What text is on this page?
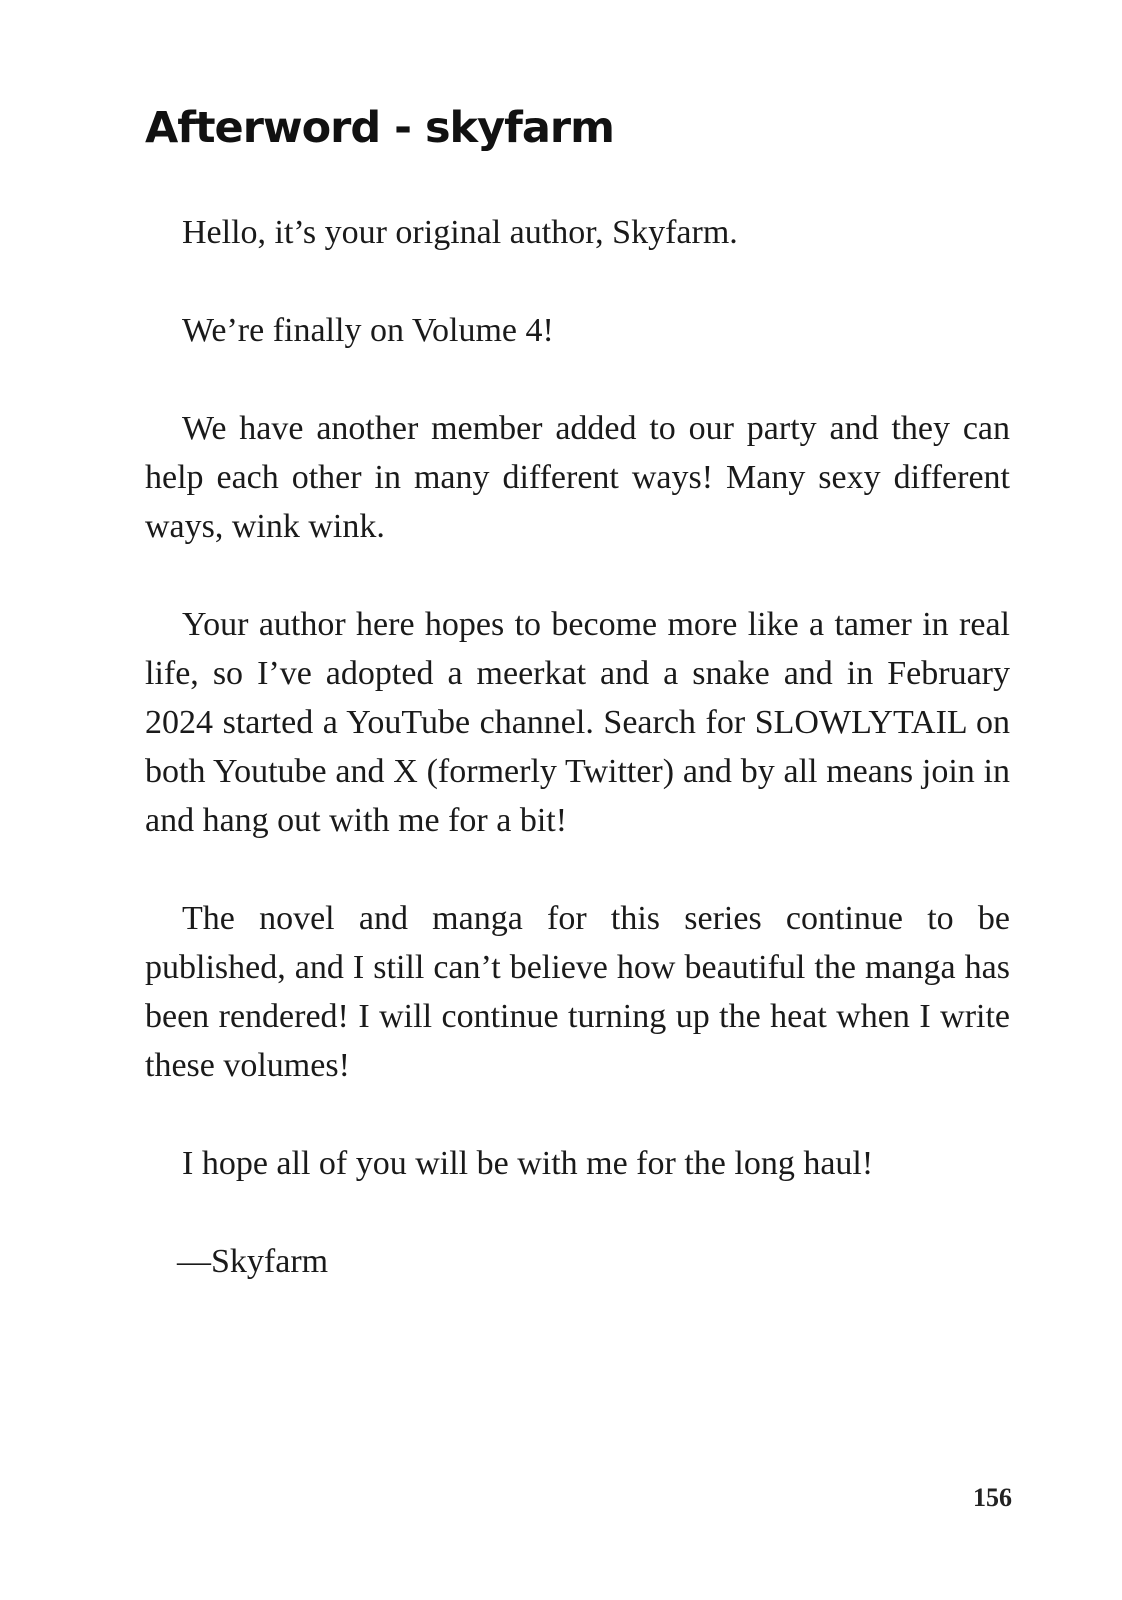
Afterword - skyfarm

Hello, it’s your original author, Skyfarm.

We’re finally on Volume 4!

We have another member added to our party and they can help each other in many different ways! Many sexy different ways, wink wink.

Your author here hopes to become more like a tamer in real life, so I’ve adopted a meerkat and a snake and in February 2024 started a YouTube channel. Search for SLOWLYTAIL on both Youtube and X (formerly Twitter) and by all means join in and hang out with me for a bit!

The novel and manga for this series continue to be published, and I still can’t believe how beautiful the manga has been rendered! I will continue turning up the heat when I write these volumes!

I hope all of you will be with me for the long haul!

—Skyfarm

156
